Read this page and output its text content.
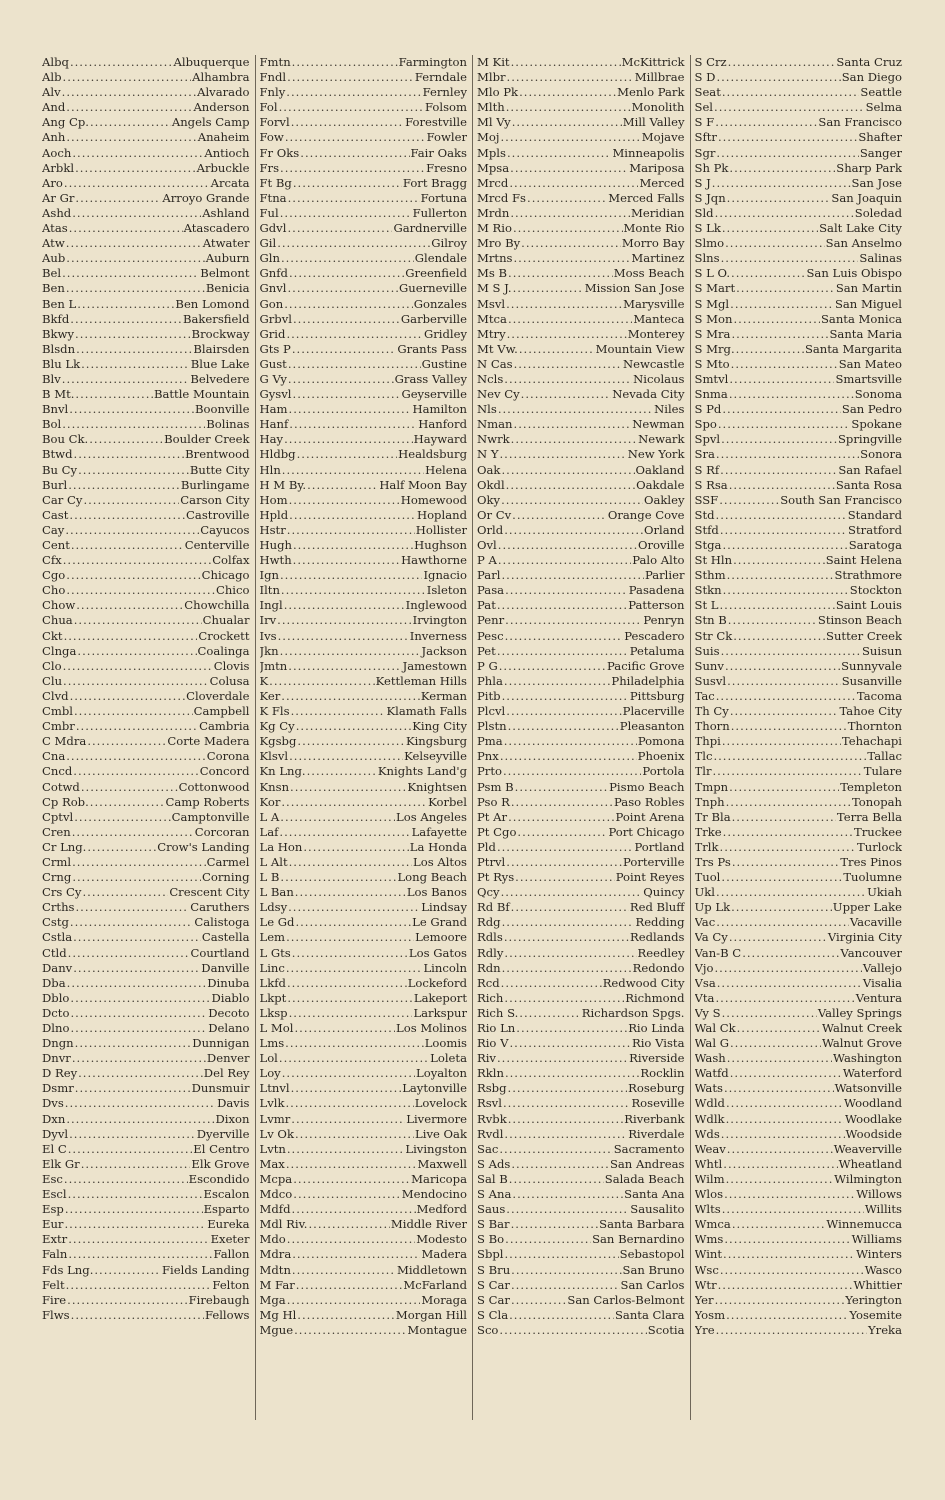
Albq .....	Albuquerque
Alb .....	Alhambra
Alv .....	Alvarado
And .....	Anderson
Ang Cp. .....	Angels Camp
Anh .....	Anaheim
Aoch .....	Antioch
Arbkl .....	Arbuckle
Aro .....	Arcata
Ar Gr .....	Arroyo Grande
Ashd .....	Ashland
Atas .....	Atascadero
Atw .....	Atwater
Aub .....	Auburn
Bel .....	Belmont
Ben .....	Benicia
Ben L .....	Ben Lomond
Bkfd .....	Bakersfield
Bkwy .....	Brockway
Blsdn .....	Blairsden
Blu Lk .....	Blue Lake
Blv .....	Belvedere
B Mt. .....	Battle Mountain
Bnvl .....	Boonville
Bol .....	Bolinas
Bou Ck. .....	Boulder Creek
Btwd .....	Brentwood
Bu Cy .....	Butte City
Burl .....	Burlingame
Car Cy .....	Carson City
Cast .....	Castroville
Cay .....	Cayucos
Cent .....	Centerville
Cfx .....	Colfax
Cgo .....	Chicago
Cho .....	Chico
Chow .....	Chowchilla
Chua .....	Chualar
Ckt .....	Crockett
Clnga .....	Coalinga
Clo .....	Clovis
Clu .....	Colusa
Clvd .....	Cloverdale
Cmbl .....	Campbell
Cmbr .....	Cambria
C Mdra .....	Corte Madera
Cna .....	Corona
Cncd .....	Concord
Cotwd .....	Cottonwood
Cp Rob. .....	Camp Roberts
Cptvl .....	Camptonville
Cren .....	Corcoran
Cr Lng. .....	Crow's Landing
Crml .....	Carmel
Crng .....	Corning
Crs Cy .....	Crescent City
Crths .....	Caruthers
Cstg .....	Calistoga
Cstla .....	Castella
Ctld .....	Courtland
Danv .....	Danville
Dba .....	Dinuba
Dblo .....	Diablo
Dcto .....	Decoto
Dlno .....	Delano
Dngn .....	Dunnigan
Dnvr .....	Denver
D Rey .....	Del Rey
Dsmr .....	Dunsmuir
Dvs .....	Davis
Dxn .....	Dixon
Dyvl .....	Dyerville
El C .....	El Centro
Elk Gr .....	Elk Grove
Esc .....	Escondido
Escl .....	Escalon
Esp .....	Esparto
Eur .....	Eureka
Extr .....	Exeter
Faln .....	Fallon
Fds Lng. .....	Fields Landing
Felt .....	Felton
Fire .....	Firebaugh
Flws .....	Fellows
Fmtn .....	Farmington
Fndl .....	Ferndale
Fnly .....	Fernley
Fol .....	Folsom
Forvl .....	Forestville
Fow .....	Fowler
Fr Oks .....	Fair Oaks
Frs .....	Fresno
Ft Bg .....	Fort Bragg
Ftna .....	Fortuna
Ful .....	Fullerton
Gdvl .....	Gardnerville
Gil .....	Gilroy
Gln .....	Glendale
Gnfd .....	Greenfield
Gnvl .....	Guerneville
Gon .....	Gonzales
Grbvl .....	Garberville
Grid .....	Gridley
Gts P .....	Grants Pass
Gust .....	Gustine
G Vy .....	Grass Valley
Gysvl .....	Geyserville
Ham .....	Hamilton
Hanf .....	Hanford
Hay .....	Hayward
Hldbg .....	Healdsburg
Hln .....	Helena
H M By. .....	Half Moon Bay
Hom .....	Homewood
Hpld .....	Hopland
Hstr .....	Hollister
Hugh .....	Hughson
Hwth .....	Hawthorne
Ign .....	Ignacio
Iltn .....	Isleton
Ingl .....	Inglewood
Irv .....	Irvington
Ivs .....	Inverness
Jkn .....	Jackson
Jmtn .....	Jamestown
K .....	Kettleman Hills
Ker .....	Kerman
K Fls .....	Klamath Falls
Kg Cy .....	King City
Kgsbg .....	Kingsburg
Klsvl .....	Kelseyville
Kn Lng. .....	Knights Land'g
Knsn .....	Knightsen
Kor .....	Korbel
L A .....	Los Angeles
Laf .....	Lafayette
La Hon .....	La Honda
L Alt .....	Los Altos
L B .....	Long Beach
L Ban .....	Los Banos
Ldsy .....	Lindsay
Le Gd .....	Le Grand
Lem .....	Lemoore
L Gts .....	Los Gatos
Linc .....	Lincoln
Lkfd .....	Lockeford
Lkpt .....	Lakeport
Lksp .....	Larkspur
L Mol .....	Los Molinos
Lms .....	Loomis
Lol .....	Loleta
Loy .....	Loyalton
Ltnvl .....	Laytonville
Lvlk .....	Lovelock
Lvmr .....	Livermore
Lv Ok .....	Live Oak
Lvtn .....	Livingston
Max .....	Maxwell
Mcpa .....	Maricopa
Mdco .....	Mendocino
Mdfd .....	Medford
Mdl Riv. .....	Middle River
Mdo .....	Modesto
Mdra .....	Madera
Mdtn .....	Middletown
M Far .....	McFarland
Mga .....	Moraga
Mg Hl .....	Morgan Hill
Mgue .....	Montague
M Kit .....	McKittrick
Mlbr .....	Millbrae
Mlo Pk .....	Menlo Park
Mlth .....	Monolith
Ml Vy .....	Mill Valley
Moj .....	Mojave
Mpls .....	Minneapolis
Mpsa .....	Mariposa
Mrcd .....	Merced
Mrcd Fs .....	Merced Falls
Mrdn .....	Meridian
M Rio .....	Monte Rio
Mro By .....	Morro Bay
Mrtns .....	Martinez
Ms B .....	Moss Beach
M S J. .....	Mission San Jose
Msvl .....	Marysville
Mtca .....	Manteca
Mtry .....	Monterey
Mt Vw. .....	Mountain View
N Cas .....	Newcastle
Ncls .....	Nicolaus
Nev Cy .....	Nevada City
Nls .....	Niles
Nman .....	Newman
Nwrk .....	Newark
N Y .....	New York
Oak .....	Oakland
Okdl .....	Oakdale
Oky .....	Oakley
Or Cv .....	Orange Cove
Orld .....	Orland
Ovl .....	Oroville
P A .....	Palo Alto
Parl .....	Parlier
Pasa .....	Pasadena
Pat .....	Patterson
Penr .....	Penryn
Pesc .....	Pescadero
Pet .....	Petaluma
P G .....	Pacific Grove
Phla .....	Philadelphia
Pitb .....	Pittsburg
Plcvl .....	Placerville
Plstn .....	Pleasanton
Pma .....	Pomona
Pnx .....	Phoenix
Prto .....	Portola
Psm B .....	Pismo Beach
Pso R .....	Paso Robles
Pt Ar .....	Point Arena
Pt Cgo .....	Port Chicago
Pld .....	Portland
Ptrvl .....	Porterville
Pt Rys .....	Point Reyes
Qcy .....	Quincy
Rd Bf .....	Red Bluff
Rdg .....	Redding
Rdls .....	Redlands
Rdly .....	Reedley
Rdn .....	Redondo
Rcd .....	Redwood City
Rich .....	Richmond
Rich S. .....	Richardson Spgs.
Rio Ln .....	Rio Linda
Rio V .....	Rio Vista
Riv .....	Riverside
Rkln .....	Rocklin
Rsbg .....	Roseburg
Rsvl .....	Roseville
Rvbk .....	Riverbank
Rvdl .....	Riverdale
Sac .....	Sacramento
S Ads .....	San Andreas
Sal B .....	Salada Beach
S Ana .....	Santa Ana
Saus .....	Sausalito
S Bar .....	Santa Barbara
S Bo .....	San Bernardino
Sbpl .....	Sebastopol
S Bru .....	San Bruno
S Car .....	San Carlos
S Car .....	San Carlos-Belmont
S Cla .....	Santa Clara
Sco .....	Scotia
S Crz .....	Santa Cruz
S D .....	San Diego
Seat .....	Seattle
Sel .....	Selma
S F .....	San Francisco
Sftr .....	Shafter
Sgr .....	Sanger
Sh Pk .....	Sharp Park
S J .....	San Jose
S Jqn .....	San Joaquin
Sld .....	Soledad
S Lk .....	Salt Lake City
Slmo .....	San Anselmo
Slns .....	Salinas
S L O. .....	San Luis Obispo
S Mart .....	San Martin
S Mgl .....	San Miguel
S Mon .....	Santa Monica
S Mra .....	Santa Maria
S Mrg. .....	Santa Margarita
S Mto .....	San Mateo
Smtvl .....	Smartsville
Snma .....	Sonoma
S Pd .....	San Pedro
Spo .....	Spokane
Spvl .....	Springville
Sra .....	Sonora
S Rf .....	San Rafael
S Rsa .....	Santa Rosa
SSF .....	South San Francisco
Std .....	Standard
Stfd .....	Stratford
Stga .....	Saratoga
St Hln .....	Saint Helena
Sthm .....	Strathmore
Stkn .....	Stockton
St L .....	Saint Louis
Stn B .....	Stinson Beach
Str Ck .....	Sutter Creek
Suis .....	Suisun
Sunv .....	Sunnyvale
Susvl .....	Susanville
Tac .....	Tacoma
Th Cy .....	Tahoe City
Thorn .....	Thornton
Thpi .....	Tehachapi
Tlc .....	Tallac
Tlr .....	Tulare
Tmpn .....	Templeton
Tnph .....	Tonopah
Tr Bla .....	Terra Bella
Trke .....	Truckee
Trlk .....	Turlock
Trs Ps .....	Tres Pinos
Tuol .....	Tuolumne
Ukl .....	Ukiah
Up Lk .....	Upper Lake
Vac .....	Vacaville
Va Cy .....	Virginia City
Van-B C .....	Vancouver
Vjo .....	Vallejo
Vsa .....	Visalia
Vta .....	Ventura
Vy S .....	Valley Springs
Wal Ck .....	Walnut Creek
Wal G .....	Walnut Grove
Wash .....	Washington
Watfd .....	Waterford
Wats .....	Watsonville
Wdld .....	Woodland
Wdlk .....	Woodlake
Wds .....	Woodside
Weav .....	Weaverville
Whtl .....	Wheatland
Wilm .....	Wilmington
Wlos .....	Willows
Wlts .....	Willits
Wmca .....	Winnemucca
Wms .....	Williams
Wint .....	Winters
Wsc .....	Wasco
Wtr .....	Whittier
Yer .....	Yerington
Yosm .....	Yosemite
Yre .....	Yreka
